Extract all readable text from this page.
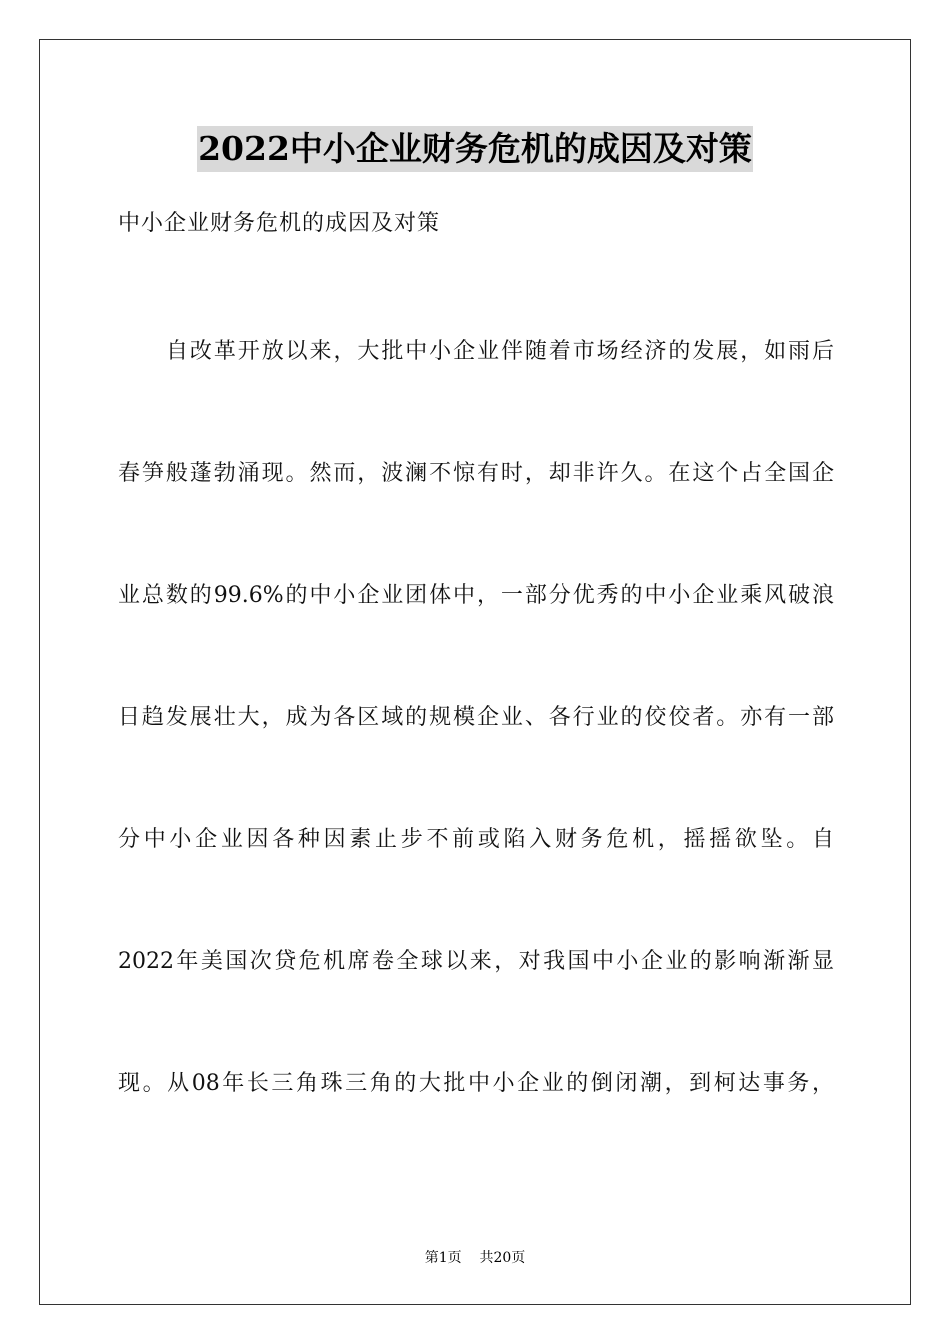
2022中小企业财务危机的成因及对策
中小企业财务危机的成因及对策
自改革开放以来，大批中小企业伴随着市场经济的发展，如雨后
春笋般蓬勃涌现。然而，波澜不惊有时，却非许久。在这个占全国企
业总数的99.6%的中小企业团体中，一部分优秀的中小企业乘风破浪
日趋发展壮大，成为各区域的规模企业、各行业的佼佼者。亦有一部
分中小企业因各种因素止步不前或陷入财务危机，摇摇欲坠。自
2022年美国次贷危机席卷全球以来，对我国中小企业的影响渐渐显
现。从08年长三角珠三角的大批中小企业的倒闭潮，到柯达事务，
第1页 共20页
